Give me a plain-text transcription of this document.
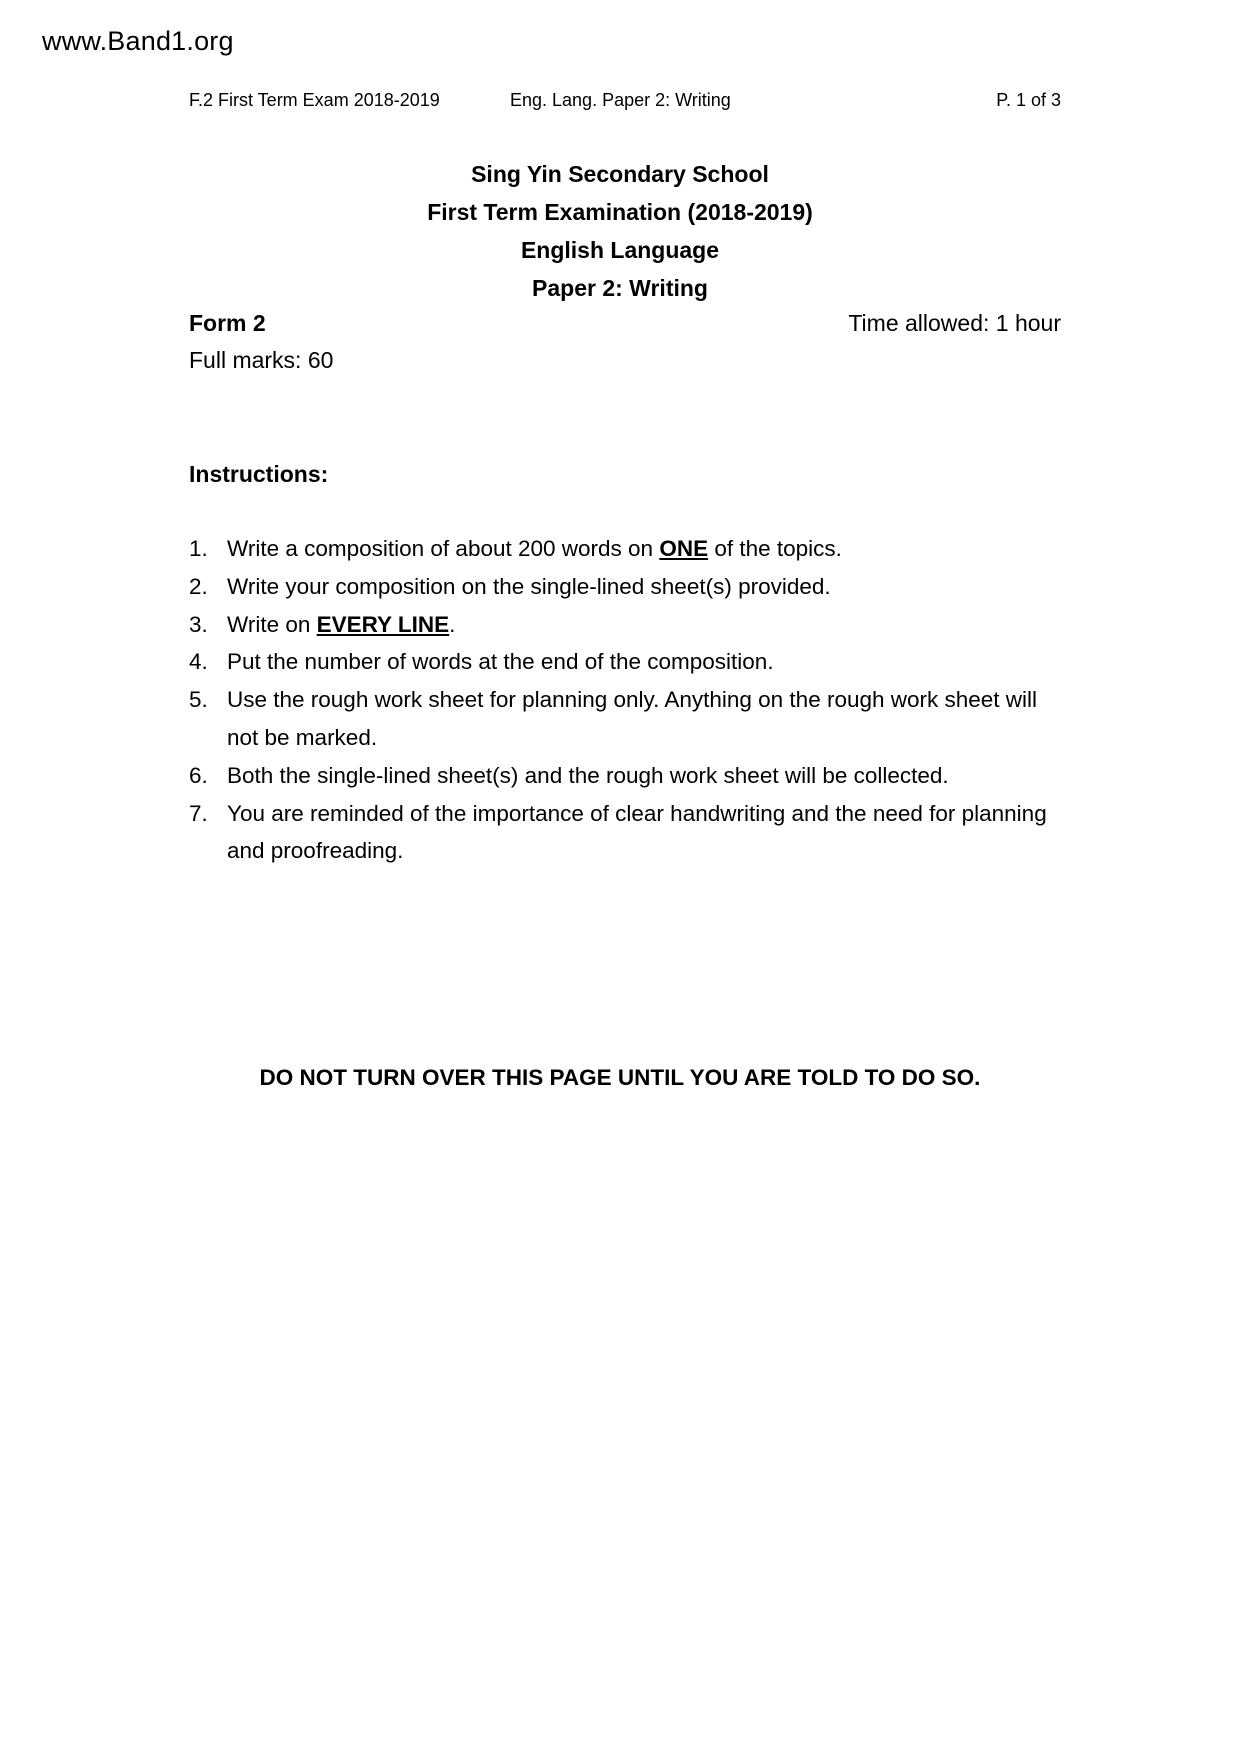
www.Band1.org
F.2 First Term Exam 2018-2019	Eng. Lang. Paper 2: Writing	P. 1 of 3
Sing Yin Secondary School
First Term Examination (2018-2019)
English Language
Paper 2: Writing
Form 2	Time allowed: 1 hour
Full marks: 60
Instructions:
1. Write a composition of about 200 words on ONE of the topics.
2. Write your composition on the single-lined sheet(s) provided.
3. Write on EVERY LINE.
4. Put the number of words at the end of the composition.
5. Use the rough work sheet for planning only. Anything on the rough work sheet will not be marked.
6. Both the single-lined sheet(s) and the rough work sheet will be collected.
7. You are reminded of the importance of clear handwriting and the need for planning and proofreading.
DO NOT TURN OVER THIS PAGE UNTIL YOU ARE TOLD TO DO SO.
